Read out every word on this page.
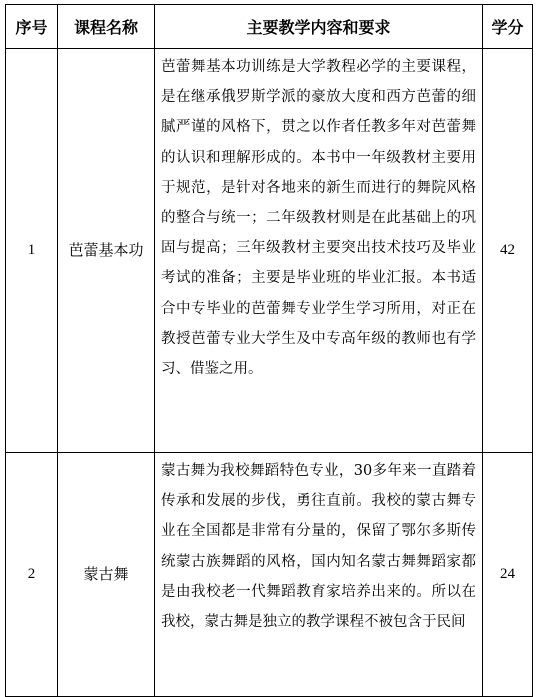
序号	课程名称	主要教学内容和要求	学分
1	芭蕾基本功	芭蕾舞基本功训练是大学教程必学的主要课程，是在继承俄罗斯学派的豪放大度和西方芭蕾的细腻严谨的风格下，贯之以作者任教多年对芭蕾舞的认识和理解形成的。本书中一年级教材主要用于规范，是针对各地来的新生而进行的舞院风格的整合与统一；二年级教材则是在此基础上的巩固与提高；三年级教材主要突出技术技巧及毕业考试的准备；主要是毕业班的毕业汇报。本书适合中专毕业的芭蕾舞专业学生学习所用，对正在教授芭蕾专业大学生及中专高年级的教师也有学习、借鉴之用。	42
2	蒙古舞	蒙古舞为我校舞蹈特色专业，30多年来一直踏着传承和发展的步伐，勇往直前。我校的蒙古舞专业在全国都是非常有分量的，保留了鄂尔多斯传统蒙古族舞蹈的风格，国内知名蒙古舞舞蹈家都是由我校老一代舞蹈教育家培养出来的。所以在我校，蒙古舞是独立的教学课程不被包含于民间	24
